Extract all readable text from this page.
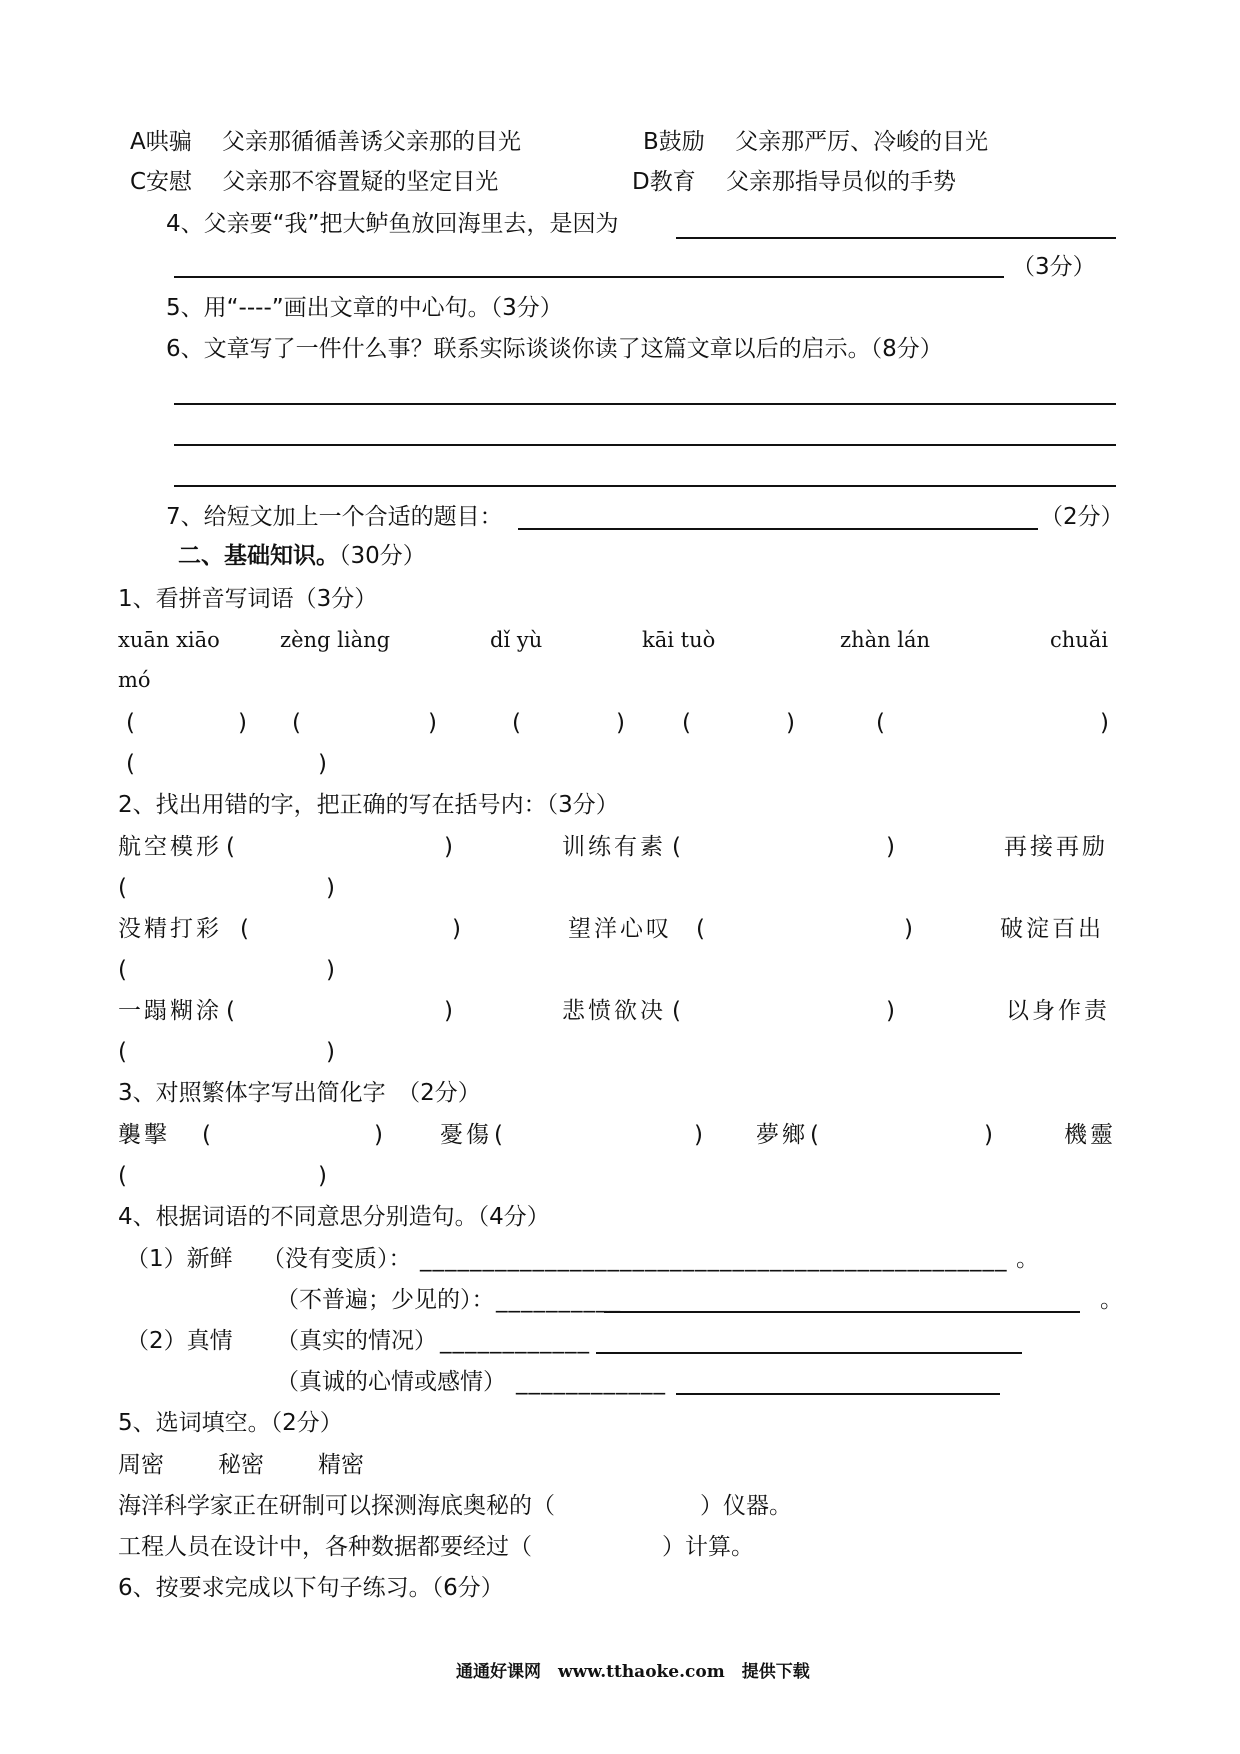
A哄骗　 父亲那循循善诱父亲那的目光	B鼓励　 父亲那严厉、冷峻的目光
C安慰　 父亲那不容置疑的坚定目光	D教育　 父亲那指导员似的手势
4、父亲要“我”把大鲈鱼放回海里去，是因为
（3分）
5、用“----”画出文章的中心句。（3分）
6、文章写了一件什么事？联系实际谈谈你读了这篇文章以后的启示。（8分）
7、给短文加上一个合适的题目：	（2分）
二、基础知识。（30分）
1、看拼音写词语（3分）
xuān xiāo	zèng liàng	dǐ yù	kāi tuò	zhàn lán	chuǎi
mó
(	) (	)	(	) (	)	(	)
(	)
2、找出用错的字，把正确的写在括号内：（3分）
航空模形 (	)	训练有素 (	)	再接再励
(	)
没精打彩 (	)	望洋心叹 (	)	破淀百出
(	)
一蹋糊涂 (	)	悲愤欲决 (	)	以身作责
(	)
3、对照繁体字写出简化字　（2分）
襲擊 (	) 憂傷 (	) 夢鄉 (	)	機靈
(	)
4、根据词语的不同意思分别造句。（4分）
（1）新鲜 （没有变质）： _______________________________________________ 。
（不普遍；少见的）： __________	。
（2）真情 （真实的情况） ____________
（真诚的心情或感情） ____________
5、选词填空。（2分）
周密 秘密 精密
海洋科学家正在研制可以探测海底奥秘的（	）仪器。
工程人员在设计中，各种数据都要经过（	）计算。
6、按要求完成以下句子练习。（6分）
通通好课网　www.tthaoke.com　提供下载
